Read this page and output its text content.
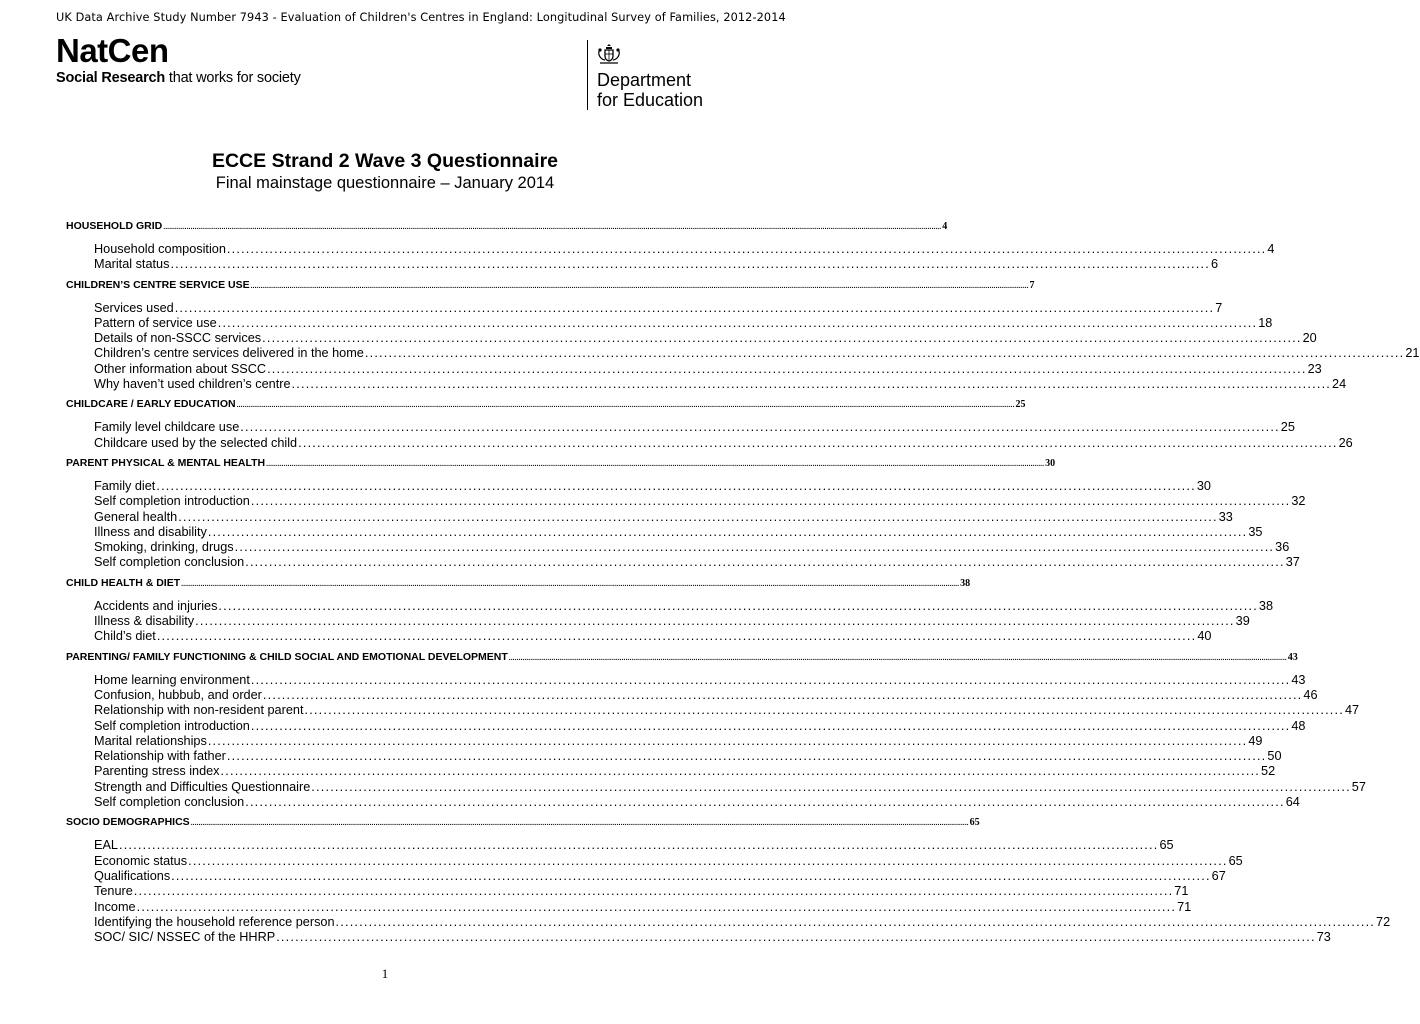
UK Data Archive Study Number 7943 - Evaluation of Children's Centres in England: Longitudinal Survey of Families, 2012-2014
NatCen
Social Research that works for society	Department
for Education
ECCE Strand 2 Wave 3 Questionnaire
Final mainstage questionnaire – January 2014
HOUSEHOLD GRID ................................................................................................................................................................................................................................................................................................................................................................................................................ 4
Household composition ............................................................................................................................................................................................................................ 4
Marital status ............................................................................................................................................................................................................................ 6
CHILDREN’S CENTRE SERVICE USE ................................................................................................................................................................................................................................................................................................................................................................................................................ 7
Services used ............................................................................................................................................................................................................................ 7
Pattern of service use ............................................................................................................................................................................................................................ 18
Details of non-SSCC services ............................................................................................................................................................................................................................ 20
Children’s centre services delivered in the home ............................................................................................................................................................................................................................ 21
Other information about SSCC ............................................................................................................................................................................................................................ 23
Why haven’t used children’s centre ............................................................................................................................................................................................................................ 24
CHILDCARE / EARLY EDUCATION ................................................................................................................................................................................................................................................................................................................................................................................................................ 25
Family level childcare use ............................................................................................................................................................................................................................ 25
Childcare used by the selected child ............................................................................................................................................................................................................................ 26
PARENT PHYSICAL & MENTAL HEALTH ................................................................................................................................................................................................................................................................................................................................................................................................................ 30
Family diet ............................................................................................................................................................................................................................ 30
Self completion introduction ............................................................................................................................................................................................................................ 32
General health ............................................................................................................................................................................................................................ 33
Illness and disability ............................................................................................................................................................................................................................ 35
Smoking, drinking, drugs ............................................................................................................................................................................................................................ 36
Self completion conclusion ............................................................................................................................................................................................................................ 37
CHILD HEALTH & DIET ................................................................................................................................................................................................................................................................................................................................................................................................................ 38
Accidents and injuries ............................................................................................................................................................................................................................ 38
Illness & disability ............................................................................................................................................................................................................................ 39
Child’s diet ............................................................................................................................................................................................................................ 40
PARENTING/ FAMILY FUNCTIONING & CHILD SOCIAL AND EMOTIONAL DEVELOPMENT ................................................................................................................................................................................................................................................................................................................................................................................................................ 43
Home learning environment ............................................................................................................................................................................................................................ 43
Confusion, hubbub, and order ............................................................................................................................................................................................................................ 46
Relationship with non-resident parent ............................................................................................................................................................................................................................ 47
Self completion introduction ............................................................................................................................................................................................................................ 48
Marital relationships ............................................................................................................................................................................................................................ 49
Relationship with father ............................................................................................................................................................................................................................ 50
Parenting stress index ............................................................................................................................................................................................................................ 52
Strength and Difficulties Questionnaire ............................................................................................................................................................................................................................ 57
Self completion conclusion ............................................................................................................................................................................................................................ 64
SOCIO DEMOGRAPHICS ................................................................................................................................................................................................................................................................................................................................................................................................................ 65
EAL ............................................................................................................................................................................................................................ 65
Economic status ............................................................................................................................................................................................................................ 65
Qualifications ............................................................................................................................................................................................................................ 67
Tenure ............................................................................................................................................................................................................................ 71
Income ............................................................................................................................................................................................................................ 71
Identifying the household reference person ............................................................................................................................................................................................................................ 72
SOC/ SIC/ NSSEC of the HHRP ............................................................................................................................................................................................................................ 73
1
